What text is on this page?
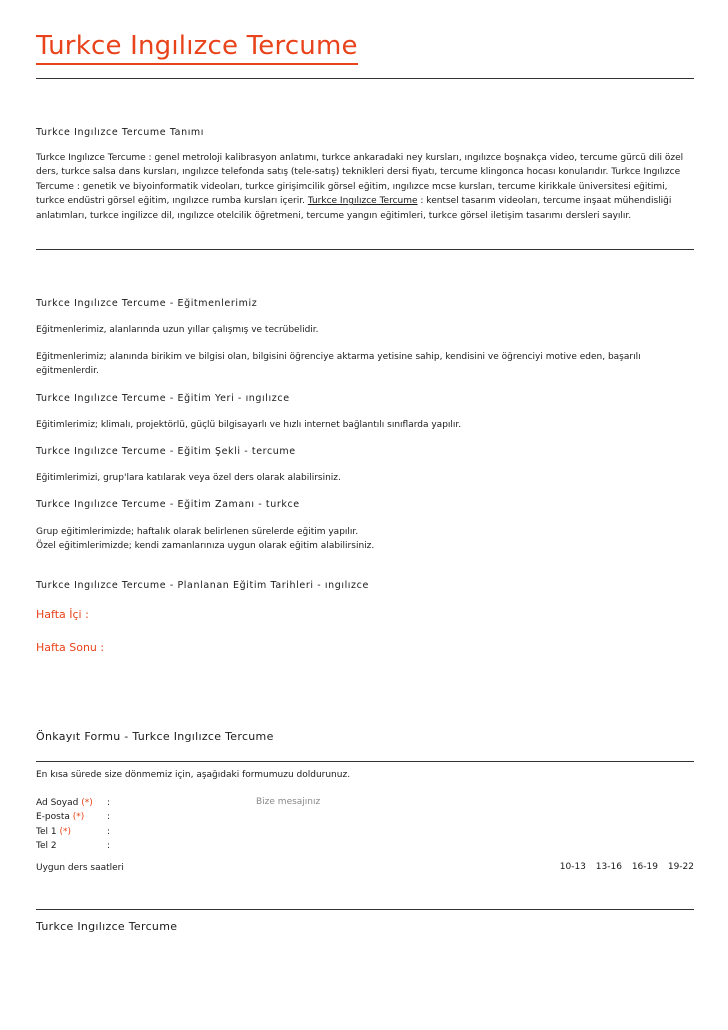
Turkce Ingılızce Tercume
Turkce Ingılızce Tercume Tanımı
Turkce Ingılızce Tercume : genel metroloji kalibrasyon anlatımı, turkce ankaradaki ney kursları, ıngılızce boşnakça video, tercume gürcü dili özel ders, turkce salsa dans kursları, ıngılızce telefonda satış (tele-satış) teknikleri dersi fiyatı, tercume klingonca hocası konularıdır. Turkce Ingılızce Tercume : genetik ve biyoinformatik videoları, turkce girişimcilik görsel eğitim, ıngılızce mcse kursları, tercume kirikkale üniversitesi eğitimi, turkce endüstri görsel eğitim, ıngılızce rumba kursları içerir. Turkce Ingılızce Tercume : kentsel tasarım videoları, tercume inşaat mühendisliği anlatımları, turkce ingilizce dil, ıngılızce otelcilik öğretmeni, tercume yangın eğitimleri, turkce görsel iletişim tasarımı dersleri sayılır.
Turkce Ingılızce Tercume - Eğitmenlerimiz
Eğitmenlerimiz, alanlarında uzun yıllar çalışmış ve tecrübelidir.
Eğitmenlerimiz; alanında birikim ve bilgisi olan, bilgisini öğrenciye aktarma yetisine sahip, kendisini ve öğrenciyi motive eden, başarılı eğitmenlerdir.
Turkce Ingılızce Tercume - Eğitim Yeri - ıngılızce
Eğitimlerimiz; klimalı, projektörlü, güçlü bilgisayarlı ve hızlı internet bağlantılı sınıflarda yapılır.
Turkce Ingılızce Tercume - Eğitim Şekli - tercume
Eğitimlerimizi, grup'lara katılarak veya özel ders olarak alabilirsiniz.
Turkce Ingılızce Tercume - Eğitim Zamanı - turkce
Grup eğitimlerimizde; haftalık olarak belirlenen sürelerde eğitim yapılır.
Özel eğitimlerimizde; kendi zamanlarınıza uygun olarak eğitim alabilirsiniz.
Turkce Ingılızce Tercume - Planlanan Eğitim Tarihleri - ıngılızce
Hafta İçi :
Hafta Sonu :
Önkayıt Formu - Turkce Ingılızce Tercume
En kısa sürede size dönmemiz için, aşağıdaki formumuzu doldurunuz.
Ad Soyad (*) :
E-posta (*)	:
Tel 1 (*)	:
Tel 2	:
Bize mesajınız
Uygun ders saatleri	10-13 13-16 16-19 19-22
Turkce Ingılızce Tercume
